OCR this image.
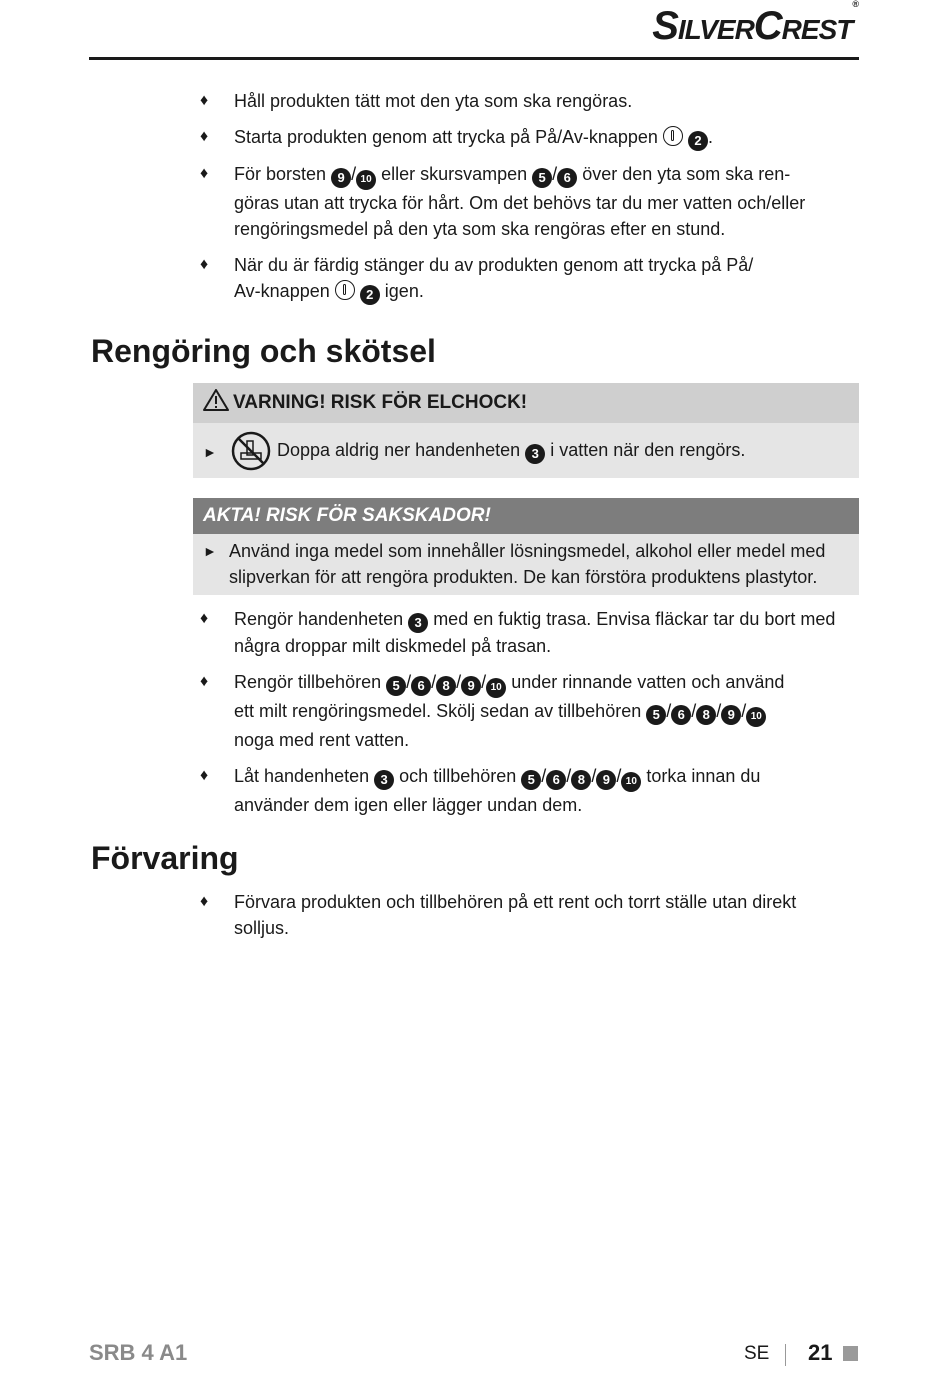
SilverCrest®
♦ Håll produkten tätt mot den yta som ska rengöras.
♦ Starta produkten genom att trycka på På/Av-knappen	2 .
♦ För borsten 9 / 10 eller skursvampen 5 / 6 över den yta som ska ren-
göras utan att trycka för hårt. Om det behövs tar du mer vatten och/eller
rengöringsmedel på den yta som ska rengöras efter en stund.
♦ När du är färdig stänger du av produkten genom att trycka på På/
Av-knappen	2 igen.
Rengöring och skötsel
VARNING! RISK FÖR ELCHOCK!
►	Doppa aldrig ner handenheten 3 i vatten när den rengörs.
AKTA! RISK FÖR SAKSKADOR!
► Använd inga medel som innehåller lösningsmedel, alkohol eller medel med
slipverkan för att rengöra produkten. De kan förstöra produktens plastytor.
♦ Rengör handenheten 3 med en fuktig trasa. Envisa fläckar tar du bort med
några droppar milt diskmedel på trasan.
♦ Rengör tillbehören 5 / 6 / 8 / 9 / 10 under rinnande vatten och använd
ett milt rengöringsmedel. Skölj sedan av tillbehören 5 / 6 / 8 / 9 / 10
noga med rent vatten.
♦ Låt handenheten 3 och tillbehören 5 / 6 / 8 / 9 / 10 torka innan du
använder dem igen eller lägger undan dem.
Förvaring
♦ Förvara produkten och tillbehören på ett rent och torrt ställe utan direkt
solljus.
SRB 4 A1	SE 21
